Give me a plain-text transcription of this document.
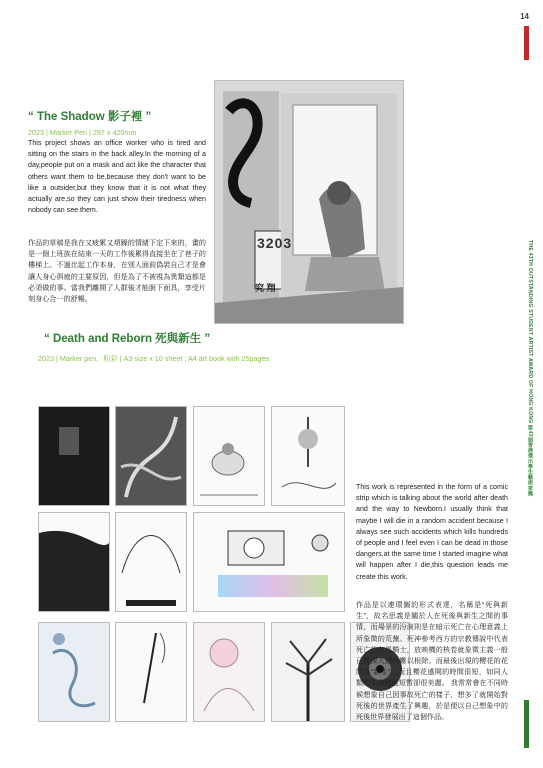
14
THE 43TH OUTSTANDING STUDENT ARTIST AWARD OF HONG KONG 第43屆香港傑出學生藝術家獎
“ The Shadow 影子裡 ”
2023 | Marker Pen | 297 x 420mm
This project shows an office worker who is tired and sitting on the stairs in the back alley.In the morning of a day,people put on a mask and act like the character that others want them to be,because they don't want to be like a outsider,but they know that it is not what they actually are,so they can just show their tiredness when nobody can see them.
作品的草稿是我在又疲累又煩躁的情緒下定下來的，畫的是一個上班族在結束一天的工作後累得直接坐在了巷子的樓梯上。不過比起工作本身，在別人面前偽裝自己才是會讓人身心俱疲的主要原因，但是為了不被視為異類這都是必須做的事。當我們離開了人群後才能脫下面具，享受片刻身心合一的舒暢。
3203
究 翔
“ Death and Reborn 死與新生 ”
2023 | Marker pen、粉彩 | A3 size x 10 sheet ; A4 art book with 25pages
This work is represented in the form of a comic strip which is talking about the world after death and the way to Newborn.I usually think that maybe I will die in a random accident because I always see such accidents which kills hundreds of people and I feel even I can be dead in those dangers,at the same time I started imagine what will happen after I die,this question leads me create this work.
作品是以連環圖的形式表達，名稱是“死與新生”，故名思義是關於人在死後與新生之間的事情，而場景的汾演則是在暗示死亡在心理意義上所象徵的荒蕪。死神參考西方的宗教傳說中代表死亡的灰馬騎士，放映機的核卷就象徵主義一般已經深入體內難以根除。而最後出現的櫻花的花開為“新生”，而且櫻花盛開的時間很短，如同人類的生命稍縱短暫卻很美麗。 我常常會在不同時候想象自己因事故死亡的樣子，想多了就開始對死後的世界產生了興趣，於是便以自己想象中的死後世界發展出了這個作品。
